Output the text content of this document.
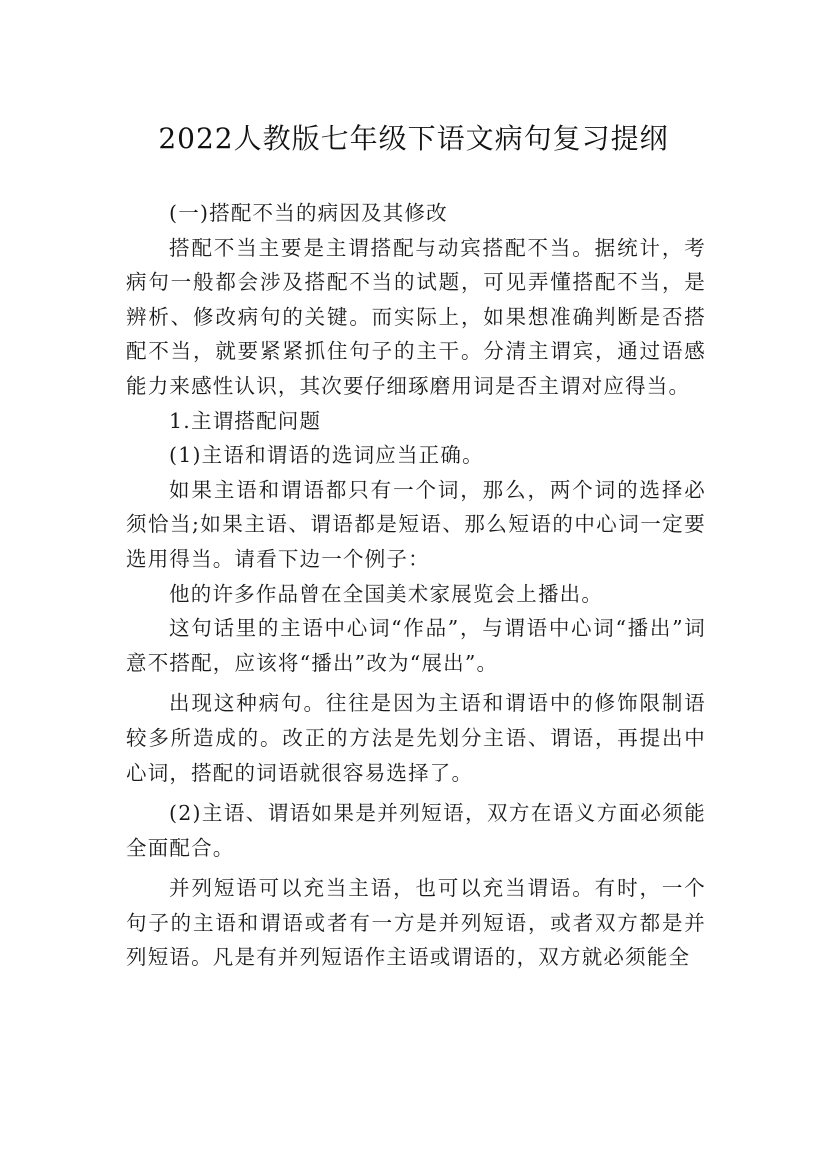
2022人教版七年级下语文病句复习提纲

(一)搭配不当的病因及其修改

搭配不当主要是主谓搭配与动宾搭配不当。据统计，考病句一般都会涉及搭配不当的试题，可见弄懂搭配不当，是辨析、修改病句的关键。而实际上，如果想准确判断是否搭配不当，就要紧紧抓住句子的主干。分清主谓宾，通过语感能力来感性认识，其次要仔细琢磨用词是否主谓对应得当。

1.主谓搭配问题

(1)主语和谓语的选词应当正确。

如果主语和谓语都只有一个词，那么，两个词的选择必须恰当;如果主语、谓语都是短语、那么短语的中心词一定要选用得当。请看下边一个例子：

他的许多作品曾在全国美术家展览会上播出。

这句话里的主语中心词“作品”，与谓语中心词“播出”词意不搭配，应该将“播出”改为“展出”。

出现这种病句。往往是因为主语和谓语中的修饰限制语较多所造成的。改正的方法是先划分主语、谓语，再提出中心词，搭配的词语就很容易选择了。

(2)主语、谓语如果是并列短语，双方在语义方面必须能全面配合。

并列短语可以充当主语，也可以充当谓语。有时，一个句子的主语和谓语或者有一方是并列短语，或者双方都是并列短语。凡是有并列短语作主语或谓语的，双方就必须能全
